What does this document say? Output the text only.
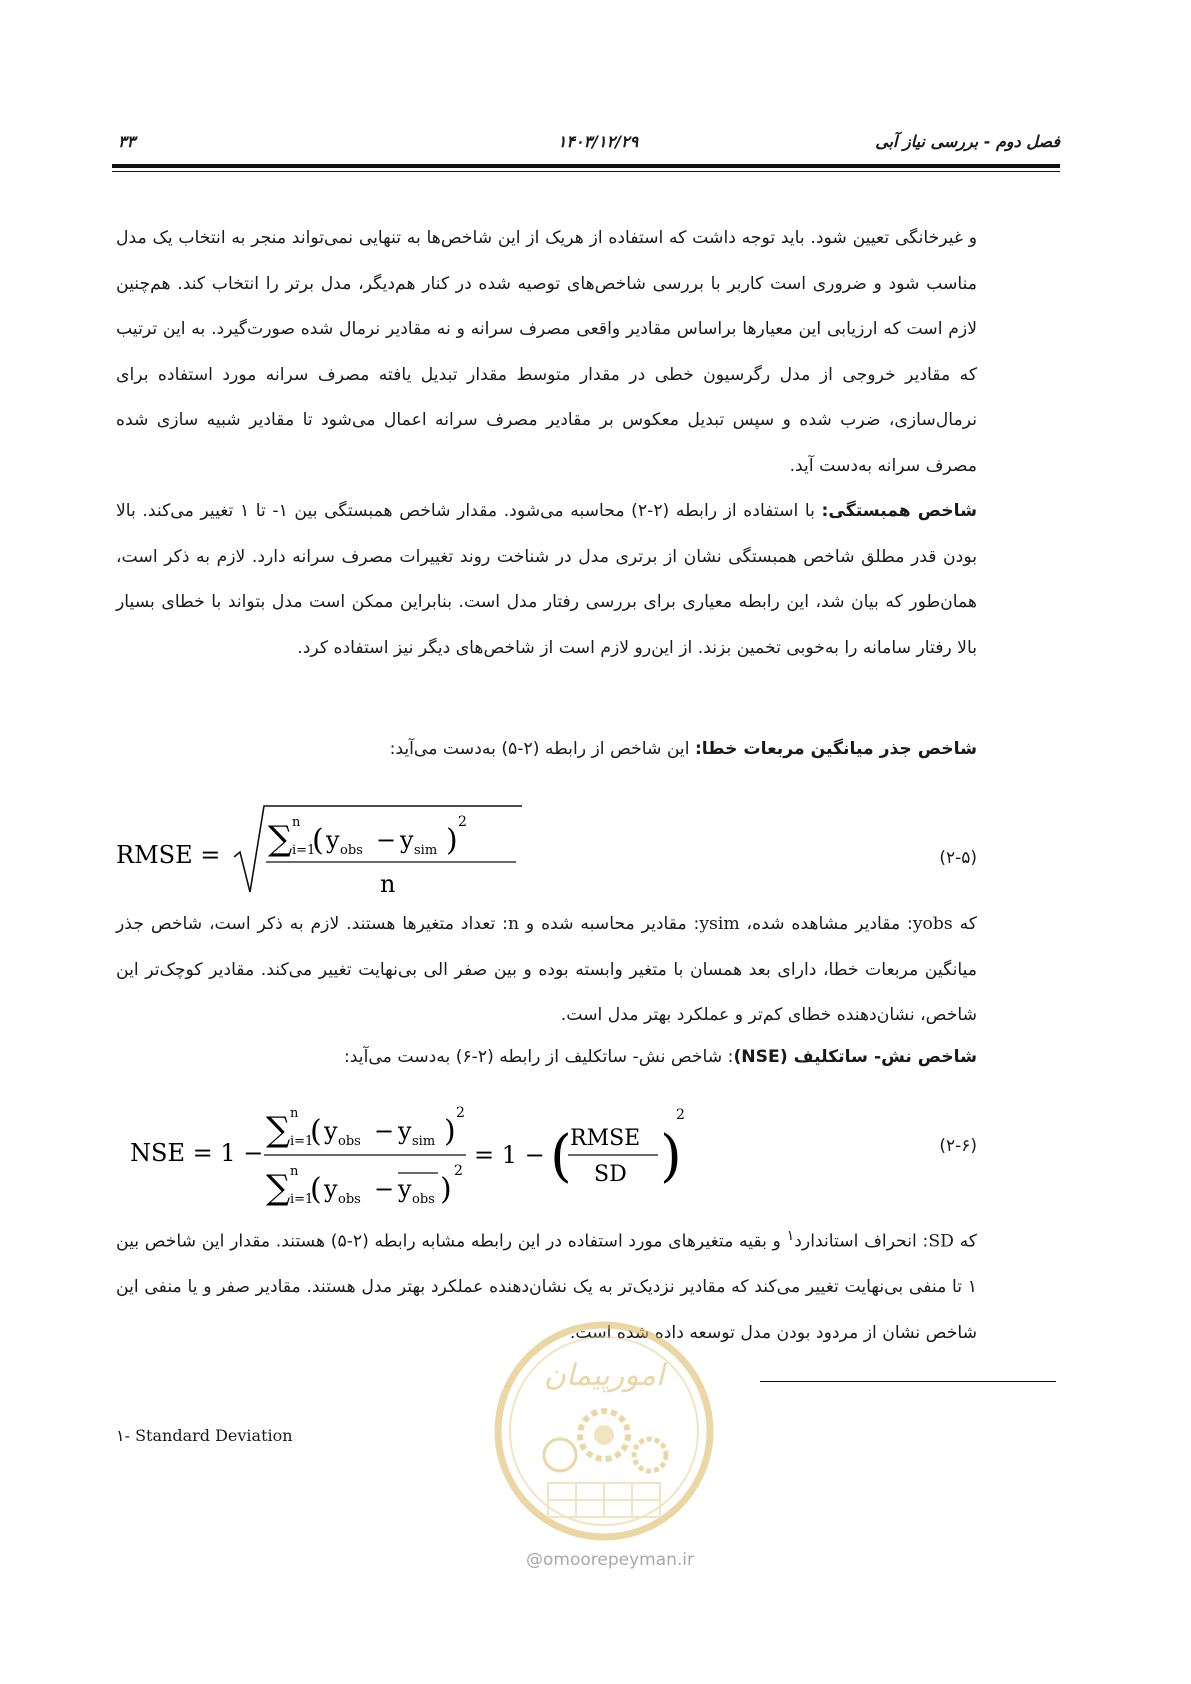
فصل دوم - بررسی نیاز آبی
۱۴۰۳/۱۲/۲۹
۳۳
و غیرخانگی تعیین شود. باید توجه داشت که استفاده از هریک از این شاخص‌ها به تنهایی نمی‌تواند منجر به انتخاب یک مدل مناسب شود و ضروری است کاربر با بررسی شاخص‌های توصیه شده در کنار هم‌دیگر، مدل برتر را انتخاب کند. هم‌چنین لازم است که ارزیابی این معیارها براساس مقادیر واقعی مصرف سرانه و نه مقادیر نرمال شده صورت‌گیرد. به این ترتیب که مقادیر خروجی از مدل رگرسیون خطی در مقدار متوسط مقدار تبدیل یافته مصرف سرانه مورد استفاده برای نرمال‌سازی، ضرب شده و سپس تبدیل معکوس بر مقادیر مصرف سرانه اعمال می‌شود تا مقادیر شبیه سازی شده مصرف سرانه به‌دست آید.
شاخص همبستگی: با استفاده از رابطه (۲-۲) محاسبه می‌شود. مقدار شاخص همبستگی بین ۱- تا ۱ تغییر می‌کند. بالا بودن قدر مطلق شاخص همبستگی نشان از برتری مدل در شناخت روند تغییرات مصرف سرانه دارد. لازم به ذکر است، همان‌طور که بیان شد، این رابطه معیاری برای بررسی رفتار مدل است. بنابراین ممکن است مدل بتواند با خطای بسیار بالا رفتار سامانه را به‌خوبی تخمین بزند. از این‌رو لازم است از شاخص‌های دیگر نیز استفاده کرد.
شاخص جذر میانگین مربعات خطا: این شاخص از رابطه (۲-۵) به‌دست می‌آید:
RMSE = ∑ n
i=1
( y obs − y sim )
2
n
(۲-۵)
که yobs: مقادیر مشاهده شده، ysim: مقادیر محاسبه شده و n: تعداد متغیرها هستند. لازم به ذکر است، شاخص جذر میانگین مربعات خطا، دارای بعد همسان با متغیر وابسته بوده و بین صفر الی بی‌نهایت تغییر می‌کند. مقادیر کوچک‌تر این شاخص، نشان‌دهنده خطای کم‌تر و عملکرد بهتر مدل است.
شاخص نش- ساتکلیف (NSE): شاخص نش- ساتکلیف از رابطه (۲-۶) به‌دست می‌آید:
NSE = 1 −
∑ n
i=1
( y obs − y sim )
2
∑ n
i=1
( y obs − y obs )
2
= 1 − (
RMSE
SD )
2
(۲-۶)
که SD: انحراف استاندارد$^۱$ و بقیه متغیرهای مورد استفاده در این رابطه مشابه رابطه (۲-۵) هستند. مقدار این شاخص بین ۱ تا منفی بی‌نهایت تغییر می‌کند که مقادیر نزدیک‌تر به یک نشان‌دهنده عملکرد بهتر مدل هستند. مقادیر صفر و یا منفی این شاخص نشان از مردود بودن مدل توسعه داده شده است.
۱- Standard Deviation
امورپیمان
@omoorepeyman.ir
